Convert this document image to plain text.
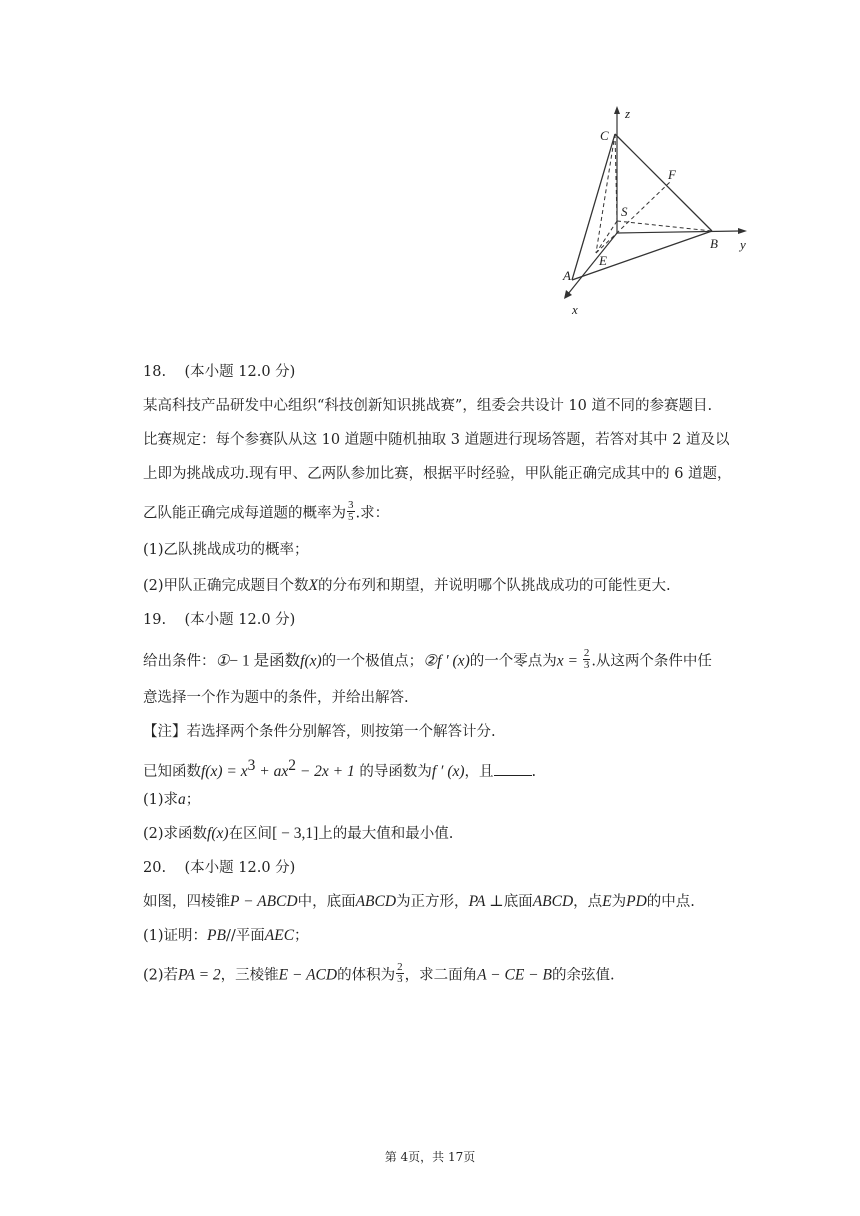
C
z
F
S
B y
E
A
x
18. (本小题 12.0 分)
某高科技产品研发中心组织“科技创新知识挑战赛”，组委会共设计 10 道不同的参赛题目.
比赛规定：每个参赛队从这 10 道题中随机抽取 3 道题进行现场答题，若答对其中 2 道及以
上即为挑战成功.现有甲、乙两队参加比赛，根据平时经验，甲队能正确完成其中的 6 道题，
乙队能正确完成每道题的概率为 $\frac{3}{5}$ .求：
(1)乙队挑战成功的概率；
(2)甲队正确完成题目个数X的分布列和期望，并说明哪个队挑战成功的可能性更大.
19. (本小题 12.0 分)
给出条件：①− 1 是函数f(x)的一个极值点；②f ′ (x)的一个零点为$x = \frac{2}{3}$ .从这两个条件中任
意选择一个作为题中的条件，并给出解答.
【注】若选择两个条件分别解答，则按第一个解答计分.
已知函数$f(x) = x^3 + ax^2 - 2x + 1$ 的导函数为f ′ (x)，且	.
(1)求a；
(2)求函数f(x)在区间[ − 3,1]上的最大值和最小值.
20. (本小题 12.0 分)
如图，四棱锥P − ABCD中，底面ABCD为正方形，PA ⊥底面ABCD，点E为PD的中点.
(1)证明：PB//平面AEC；
(2)若PA = 2，三棱锥E − ACD的体积为 $\frac{2}{3}$ ，求二面角A − CE − B的余弦值.
第 4页，共 17页
